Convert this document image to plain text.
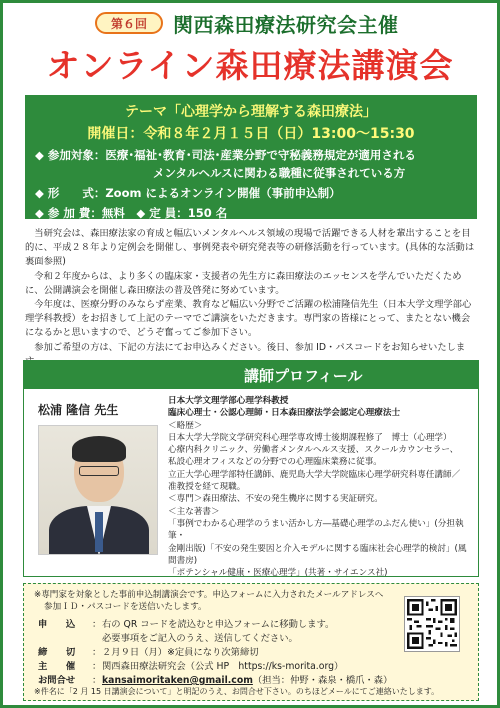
第６回	関西森田療法研究会主催
オンライン森田療法講演会
テーマ「心理学から理解する森田療法」
開催日：令和８年２月１５日（日）13:00～15:30
◆ 参加対象：医療･福祉･教育･司法･産業分野で守秘義務規定が適用される
メンタルヘルスに関わる職種に従事されている方
◆ 形　　式：Zoom によるオンライン開催（事前申込制）
◆ 参 加 費：無料　◆ 定 員：150 名

当研究会は、森田療法家の育成と幅広いメンタルヘルス領域の現場で活躍できる人材を輩出することを目的に、平成２８年より定例会を開催し、事例発表や研究発表等の研修活動を行っています。(具体的な活動は裏面参照)

令和２年度からは、より多くの臨床家・支援者の先生方に森田療法のエッセンスを学んでいただくために、公開講演会を開催し森田療法の普及啓発に努めています。

今年度は、医療分野のみならず産業、教育など幅広い分野でご活躍の松浦隆信先生（日本大学文理学部心理学科教授）をお招きして上記のテーマでご講演をいただきます。専門家の皆様にとって、またとない機会になるかと思いますので、どうぞ奮ってご参加下さい。

参加ご希望の方は、下記の方法にてお申込みください。後日、参加 ID・パスコードをお知らせいたしま

講師プロフィール
松浦 隆信 先生
日本大学文理学部心理学科教授
臨床心理士・公認心理師・日本森田療法学会認定心理療法士
＜略歴＞
日本大学大学院文学研究科心理学専攻博士後期課程修了　博士（心理学）
心療内科クリニック、労働者メンタルヘルス支援、スクールカウンセラー、
私設心理オフィスなどの分野での心理臨床業務に従事。
立正大学心理学部特任講師、鹿児島大学大学院臨床心理学研究科専任講師／
准教授を経て現職。
＜専門＞森田療法、不安の発生機序に関する実証研究。
＜主な著書＞
「事例でわかる心理学のうまい活かし方―基礎心理学のふだん使い」(分担執筆・
金剛出版)「不安の発生要因と介入モデルに関する臨床社会心理学的検討」(風間書房)
「ポテンシャル健康・医療心理学」(共著・サイエンス社)
※専門家を対象とした事前申込制講演会です。申込フォームに入力されたメールアドレスへ
参加ＩＤ・パスコードを送信いたします。
申　　込 ：右の QR コードを読込むと申込フォームに移動します。
必要事項をご記入のうえ、送信してください。
締　　切 ：２月９日（月）※定員になり次第締切
主　　催 ：関西森田療法研究会（公式 HP　https://ks-morita.org）
お問合せ ：kansaimoritaken@gmail.com（担当：仲野・森泉・橋爪・森）
※件名に「2 月 15 日講演会について」と明記のうえ、お問合せ下さい。のちほどメールにてご連絡いたします。
